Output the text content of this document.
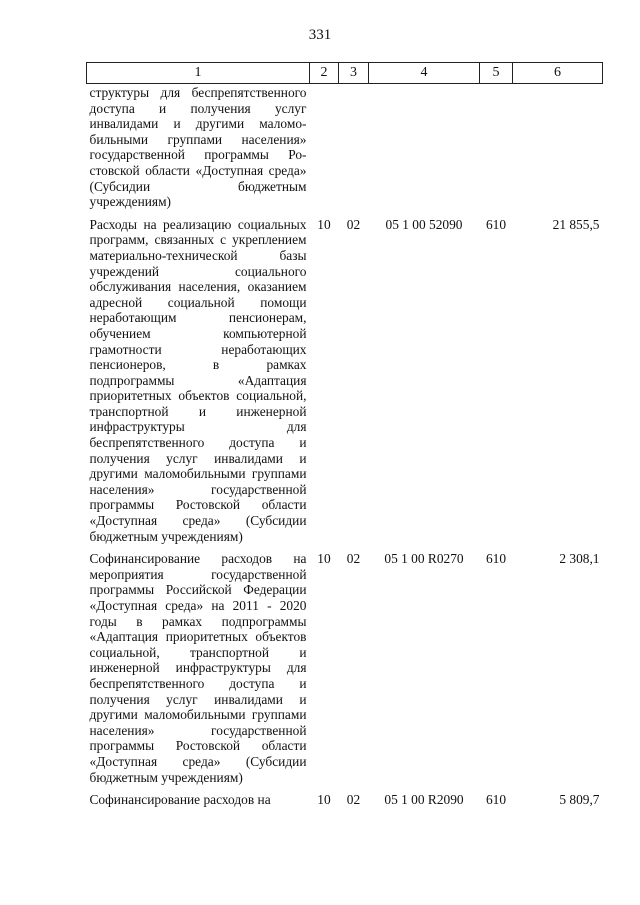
331
1	2	3	4	5	6
структуры для беспрепятственного доступа и получения услуг инвалидами и другими маломобильными группами населения» государственной программы Ростовской области «Доступная среда» (Субсидии бюджетным учреждениям)					
Расходы на реализацию социальных программ, связанных с укреплением материально-технической базы учреждений социального обслуживания населения, оказанием адресной социальной помощи неработающим пенсионерам, обучением компьютерной грамотности неработающих пенсионеров, в рамках подпрограммы «Адаптация приоритетных объектов социальной, транспортной и инженерной инфраструктуры для беспрепятственного доступа и получения услуг инвалидами и другими маломобильными группами населения» государственной программы Ростовской области «Доступная среда» (Субсидии бюджетным учреждениям)	10	02	05 1 00 52090	610	21 855,5
Софинансирование расходов на мероприятия государственной программы Российской Федерации «Доступная среда» на 2011 - 2020 годы в рамках подпрограммы «Адаптация приоритетных объектов социальной, транспортной и инженерной инфраструктуры для беспрепятственного доступа и получения услуг инвалидами и другими маломобильными группами населения» государственной программы Ростовской области «Доступная среда» (Субсидии бюджетным учреждениям)	10	02	05 1 00 R0270	610	2 308,1
Софинансирование расходов на	10	02	05 1 00 R2090	610	5 809,7
